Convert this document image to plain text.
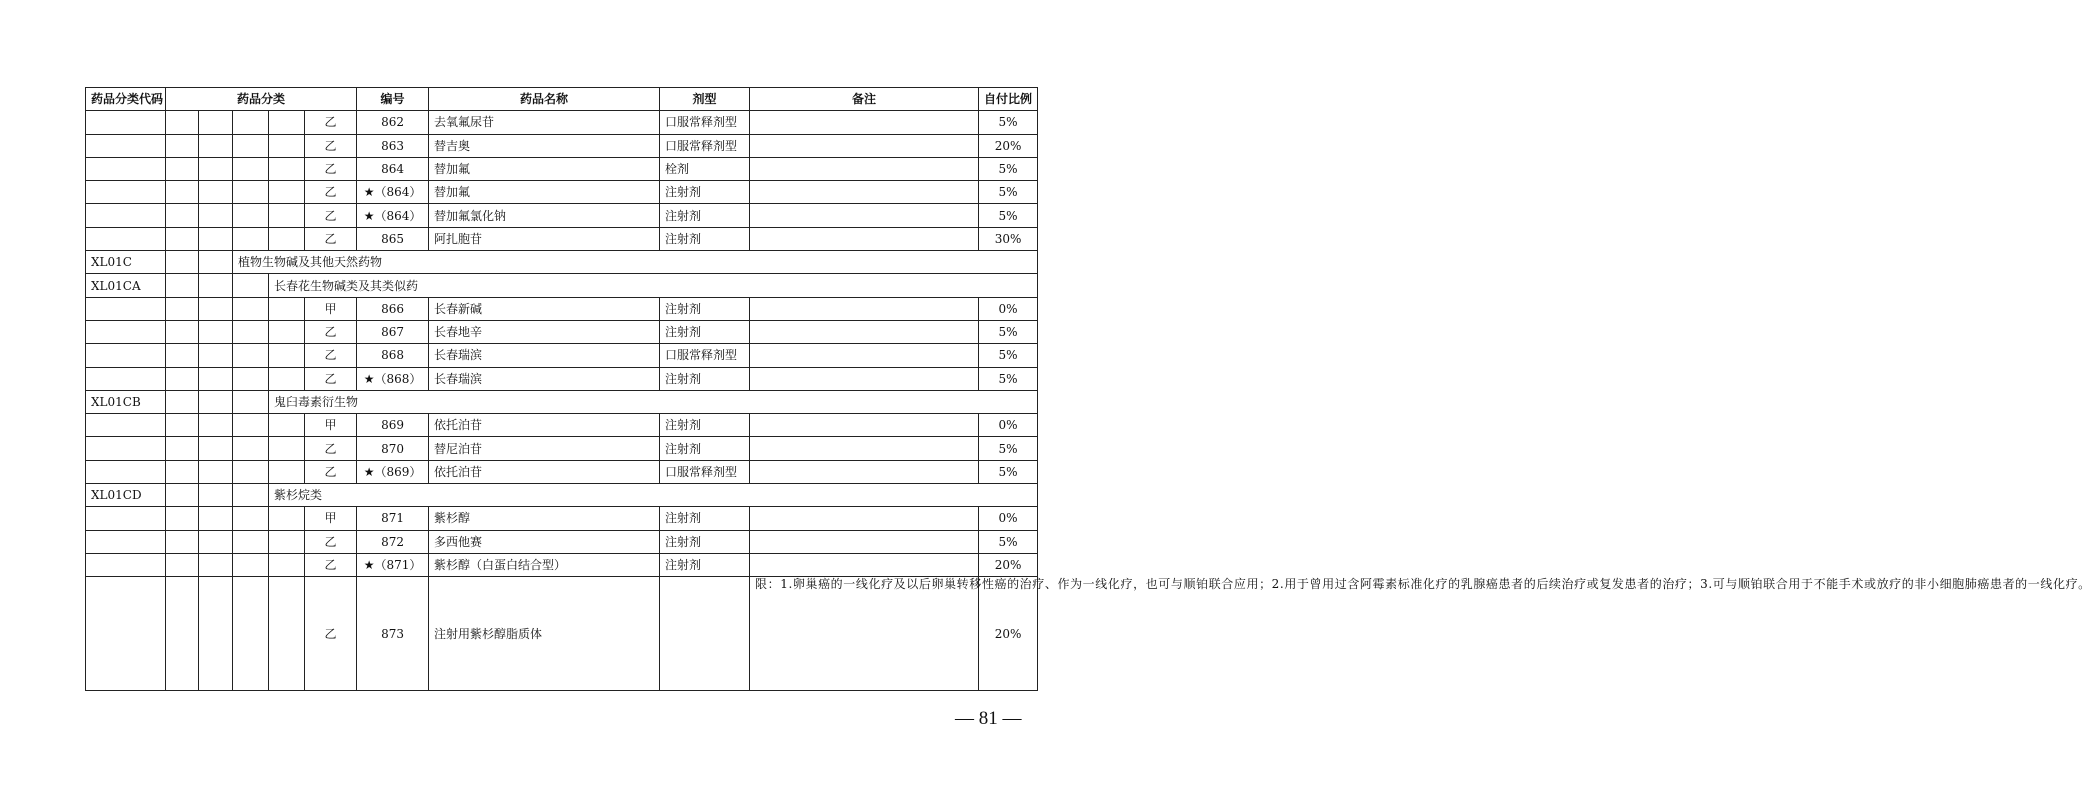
药品分类代码	药品分类					编号	药品名称	剂型	备注	自付比例
					乙	862	去氧氟尿苷	口服常释剂型		5%
					乙	863	替吉奥	口服常释剂型		20%
					乙	864	替加氟	栓剂		5%
					乙	★（864）	替加氟	注射剂		5%
					乙	★（864）	替加氟氯化钠	注射剂		5%
					乙	865	阿扎胞苷	注射剂		30%
XL01C			植物生物碱及其他天然药物							
XL01CA				长春花生物碱类及其类似药						
					甲	866	长春新碱	注射剂		0%
					乙	867	长春地辛	注射剂		5%
					乙	868	长春瑞滨	口服常释剂型		5%
					乙	★（868）	长春瑞滨	注射剂		5%
XL01CB				鬼臼毒素衍生物						
					甲	869	依托泊苷	注射剂		0%
					乙	870	替尼泊苷	注射剂		5%
					乙	★（869）	依托泊苷	口服常释剂型		5%
XL01CD				紫杉烷类						
					甲	871	紫杉醇	注射剂		0%
					乙	872	多西他赛	注射剂		5%
					乙	★（871）	紫杉醇（白蛋白结合型）	注射剂		20%
					乙	873	注射用紫杉醇脂质体		限：1.卵巢癌的一线化疗及以后卵巢转移性癌的治疗、作为一线化疗，也可与顺铂联合应用；2.用于曾用过含阿霉素标准化疗的乳腺癌患者的后续治疗或复发患者的治疗；3.可与顺铂联合用于不能手术或放疗的非小细胞肺癌患者的一线化疗。	20%
— 81 —
